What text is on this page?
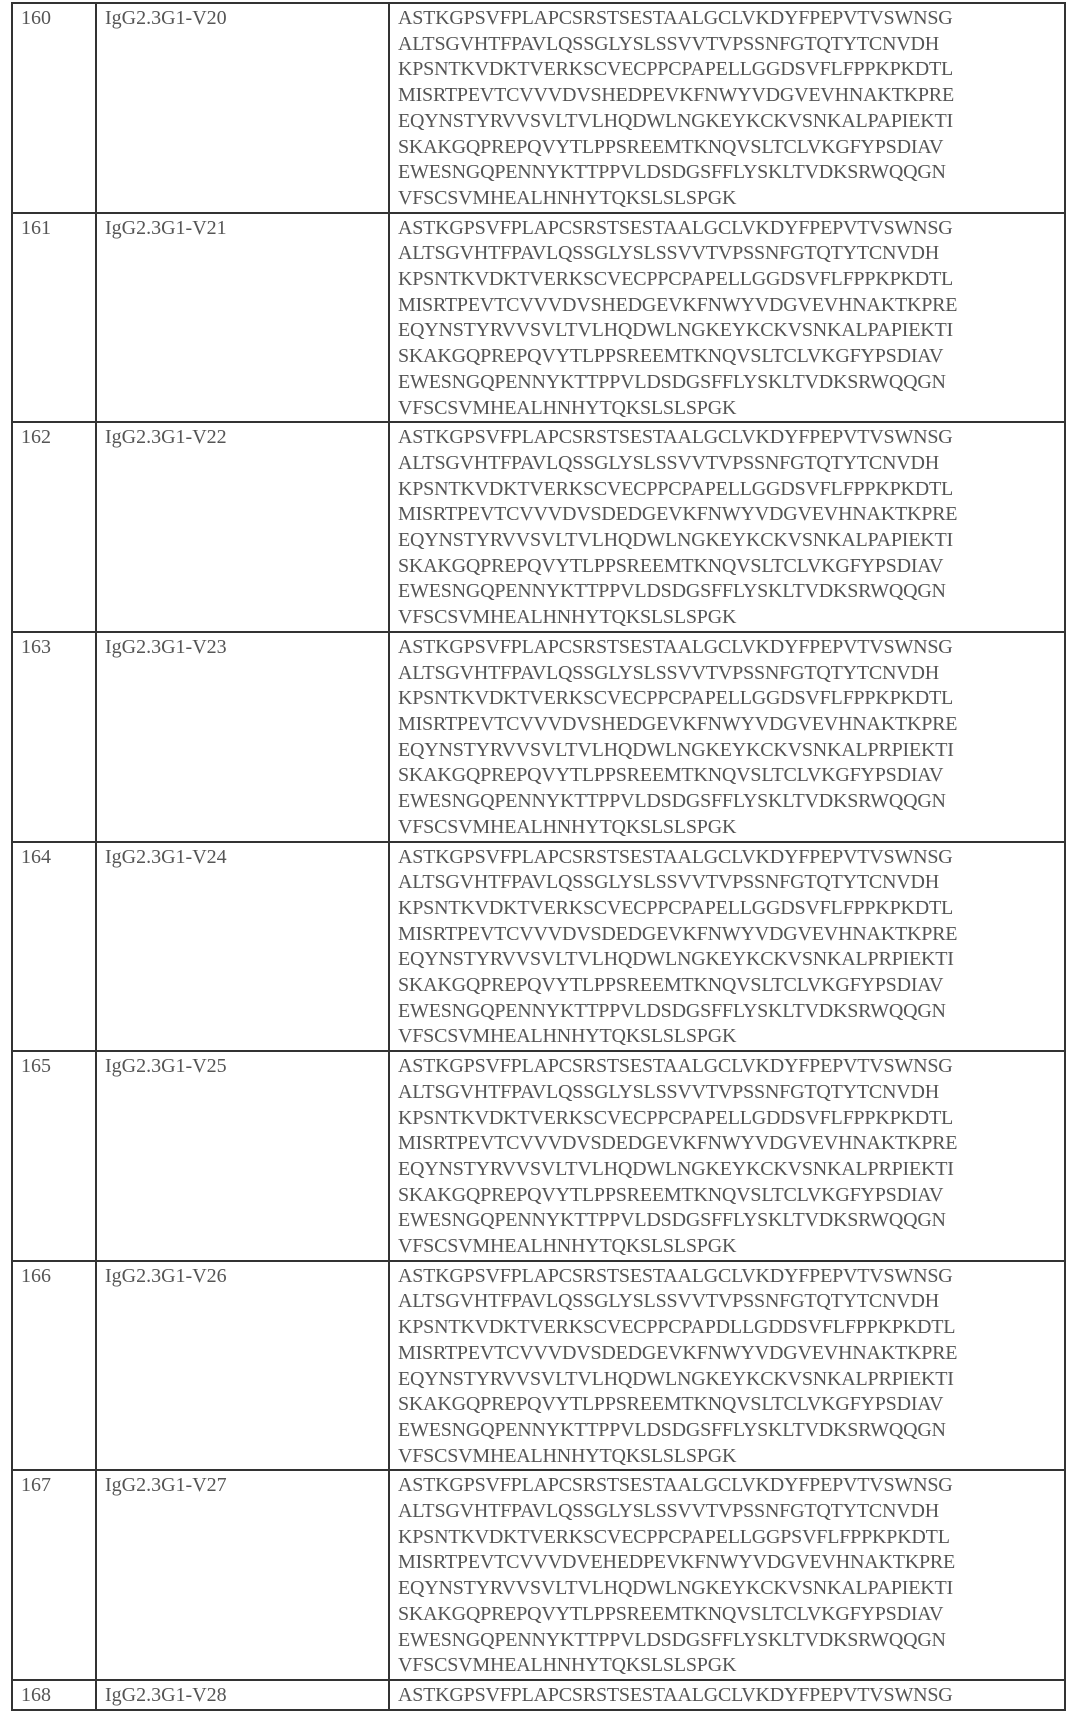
160	IgG2.3G1-V20	ASTKGPSVFPLAPCSRSTSESTAALGCLVKDYFPEPVTVSWNSG
ALTSGVHTFPAVLQSSGLYSLSSVVTVPSSNFGTQTYTCNVDH
KPSNTKVDKTVERKSCVECPPCPAPELLGGDSVFLFPPKPKDTL
MISRTPEVTCVVVDVSHEDPEVKFNWYVDGVEVHNAKTKPRE
EQYNSTYRVVSVLTVLHQDWLNGKEYKCKVSNKALPAPIEKTI
SKAKGQPREPQVYTLPPSREEMTKNQVSLTCLVKGFYPSDIAV
EWESNGQPENNYKTTPPVLDSDGSFFLYSKLTVDKSRWQQGN
VFSCSVMHEALHNHYTQKSLSLSPGK

161	IgG2.3G1-V21	ASTKGPSVFPLAPCSRSTSESTAALGCLVKDYFPEPVTVSWNSG
ALTSGVHTFPAVLQSSGLYSLSSVVTVPSSNFGTQTYTCNVDH
KPSNTKVDKTVERKSCVECPPCPAPELLGGDSVFLFPPKPKDTL
MISRTPEVTCVVVDVSHEDGEVKFNWYVDGVEVHNAKTKPRE
EQYNSTYRVVSVLTVLHQDWLNGKEYKCKVSNKALPAPIEKTI
SKAKGQPREPQVYTLPPSREEMTKNQVSLTCLVKGFYPSDIAV
EWESNGQPENNYKTTPPVLDSDGSFFLYSKLTVDKSRWQQGN
VFSCSVMHEALHNHYTQKSLSLSPGK

162	IgG2.3G1-V22	ASTKGPSVFPLAPCSRSTSESTAALGCLVKDYFPEPVTVSWNSG
ALTSGVHTFPAVLQSSGLYSLSSVVTVPSSNFGTQTYTCNVDH
KPSNTKVDKTVERKSCVECPPCPAPELLGGDSVFLFPPKPKDTL
MISRTPEVTCVVVDVSDEDGEVKFNWYVDGVEVHNAKTKPRE
EQYNSTYRVVSVLTVLHQDWLNGKEYKCKVSNKALPAPIEKTI
SKAKGQPREPQVYTLPPSREEMTKNQVSLTCLVKGFYPSDIAV
EWESNGQPENNYKTTPPVLDSDGSFFLYSKLTVDKSRWQQGN
VFSCSVMHEALHNHYTQKSLSLSPGK

163	IgG2.3G1-V23	ASTKGPSVFPLAPCSRSTSESTAALGCLVKDYFPEPVTVSWNSG
ALTSGVHTFPAVLQSSGLYSLSSVVTVPSSNFGTQTYTCNVDH
KPSNTKVDKTVERKSCVECPPCPAPELLGGDSVFLFPPKPKDTL
MISRTPEVTCVVVDVSHEDGEVKFNWYVDGVEVHNAKTKPRE
EQYNSTYRVVSVLTVLHQDWLNGKEYKCKVSNKALPRPIEKTI
SKAKGQPREPQVYTLPPSREEMTKNQVSLTCLVKGFYPSDIAV
EWESNGQPENNYKTTPPVLDSDGSFFLYSKLTVDKSRWQQGN
VFSCSVMHEALHNHYTQKSLSLSPGK

164	IgG2.3G1-V24	ASTKGPSVFPLAPCSRSTSESTAALGCLVKDYFPEPVTVSWNSG
ALTSGVHTFPAVLQSSGLYSLSSVVTVPSSNFGTQTYTCNVDH
KPSNTKVDKTVERKSCVECPPCPAPELLGGDSVFLFPPKPKDTL
MISRTPEVTCVVVDVSDEDGEVKFNWYVDGVEVHNAKTKPRE
EQYNSTYRVVSVLTVLHQDWLNGKEYKCKVSNKALPRPIEKTI
SKAKGQPREPQVYTLPPSREEMTKNQVSLTCLVKGFYPSDIAV
EWESNGQPENNYKTTPPVLDSDGSFFLYSKLTVDKSRWQQGN
VFSCSVMHEALHNHYTQKSLSLSPGK

165	IgG2.3G1-V25	ASTKGPSVFPLAPCSRSTSESTAALGCLVKDYFPEPVTVSWNSG
ALTSGVHTFPAVLQSSGLYSLSSVVTVPSSNFGTQTYTCNVDH
KPSNTKVDKTVERKSCVECPPCPAPELLGDDSVFLFPPKPKDTL
MISRTPEVTCVVVDVSDEDGEVKFNWYVDGVEVHNAKTKPRE
EQYNSTYRVVSVLTVLHQDWLNGKEYKCKVSNKALPRPIEKTI
SKAKGQPREPQVYTLPPSREEMTKNQVSLTCLVKGFYPSDIAV
EWESNGQPENNYKTTPPVLDSDGSFFLYSKLTVDKSRWQQGN
VFSCSVMHEALHNHYTQKSLSLSPGK

166	IgG2.3G1-V26	ASTKGPSVFPLAPCSRSTSESTAALGCLVKDYFPEPVTVSWNSG
ALTSGVHTFPAVLQSSGLYSLSSVVTVPSSNFGTQTYTCNVDH
KPSNTKVDKTVERKSCVECPPCPAPDLLGDDSVFLFPPKPKDTL
MISRTPEVTCVVVDVSDEDGEVKFNWYVDGVEVHNAKTKPRE
EQYNSTYRVVSVLTVLHQDWLNGKEYKCKVSNKALPRPIEKTI
SKAKGQPREPQVYTLPPSREEMTKNQVSLTCLVKGFYPSDIAV
EWESNGQPENNYKTTPPVLDSDGSFFLYSKLTVDKSRWQQGN
VFSCSVMHEALHNHYTQKSLSLSPGK

167	IgG2.3G1-V27	ASTKGPSVFPLAPCSRSTSESTAALGCLVKDYFPEPVTVSWNSG
ALTSGVHTFPAVLQSSGLYSLSSVVTVPSSNFGTQTYTCNVDH
KPSNTKVDKTVERKSCVECPPCPAPELLGGPSVFLFPPKPKDTL
MISRTPEVTCVVVDVEHEDPEVKFNWYVDGVEVHNAKTKPRE
EQYNSTYRVVSVLTVLHQDWLNGKEYKCKVSNKALPAPIEKTI
SKAKGQPREPQVYTLPPSREEMTKNQVSLTCLVKGFYPSDIAV
EWESNGQPENNYKTTPPVLDSDGSFFLYSKLTVDKSRWQQGN
VFSCSVMHEALHNHYTQKSLSLSPGK

168	IgG2.3G1-V28	ASTKGPSVFPLAPCSRSTSESTAALGCLVKDYFPEPVTVSWNSG
